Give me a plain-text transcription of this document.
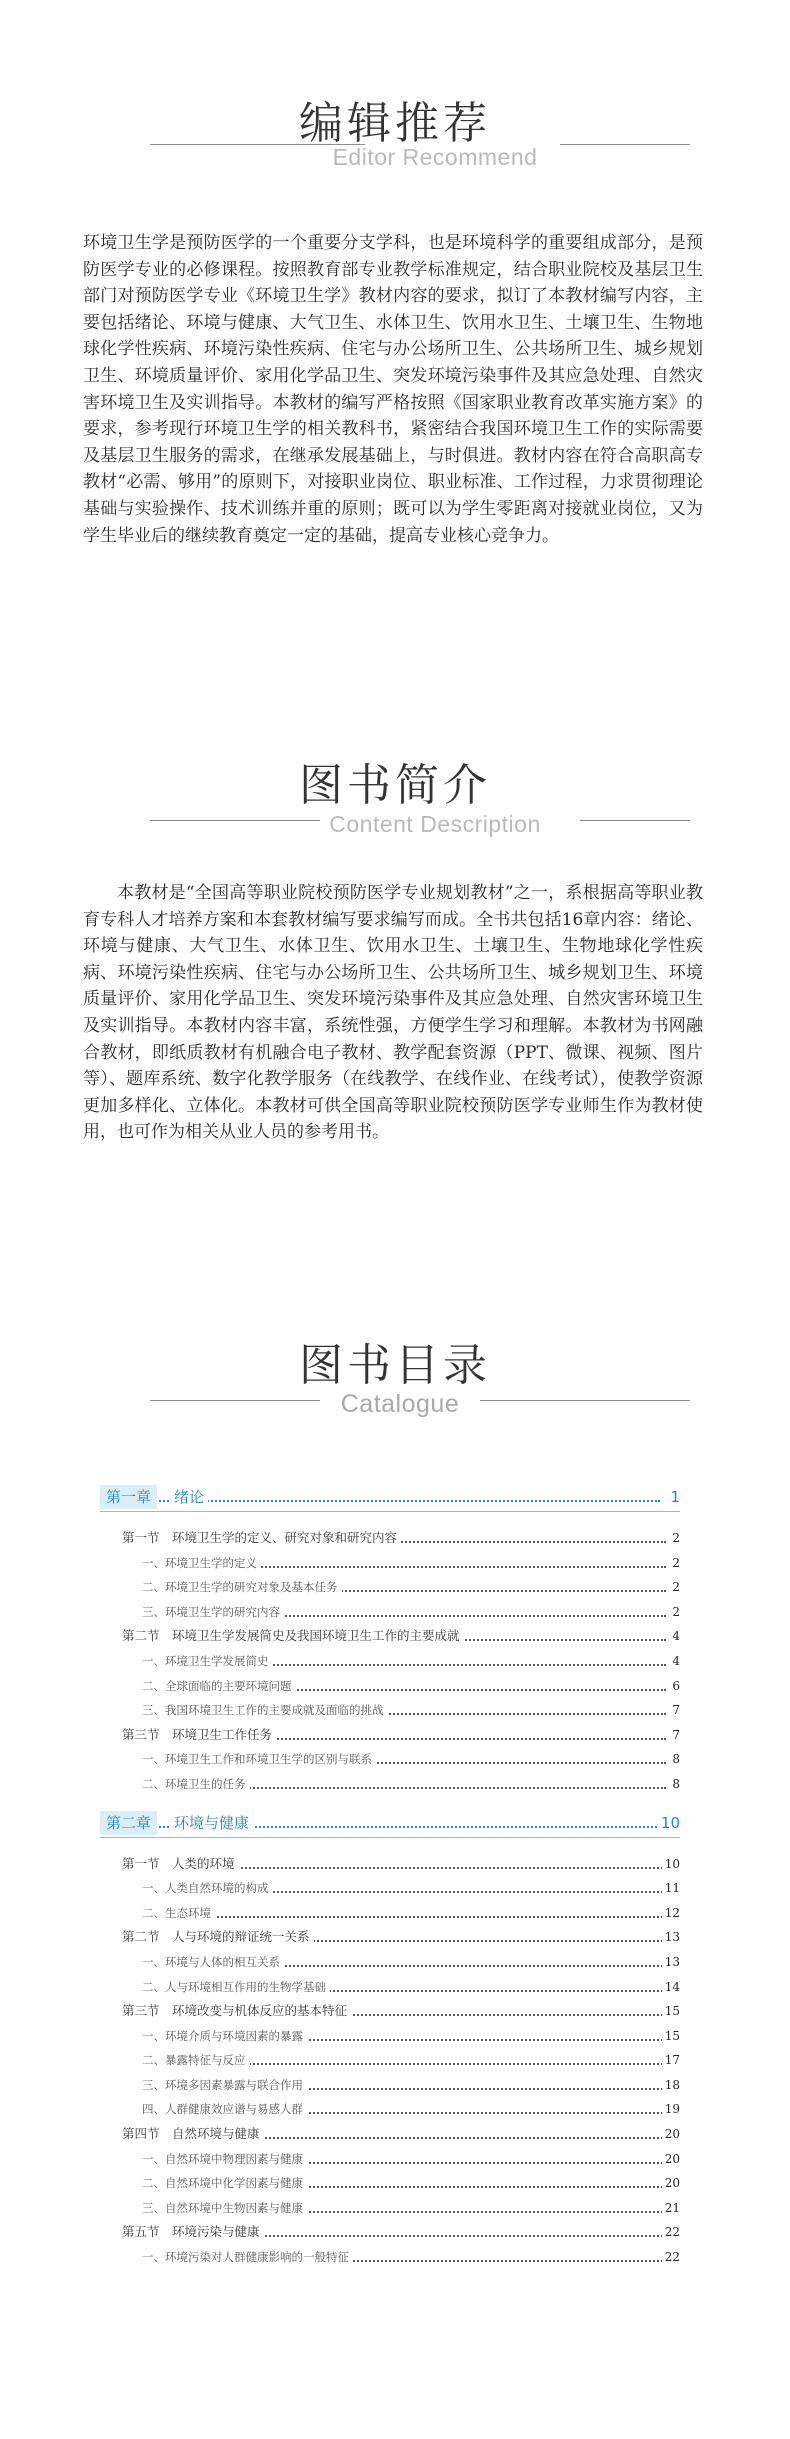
编辑推荐
Editor Recommend

环境卫生学是预防医学的一个重要分支学科，也是环境科学的重要组成部分，是预防医学专业的必修课程。按照教育部专业教学标准规定，结合职业院校及基层卫生部门对预防医学专业《环境卫生学》教材内容的要求，拟订了本教材编写内容，主要包括绪论、环境与健康、大气卫生、水体卫生、饮用水卫生、土壤卫生、生物地球化学性疾病、环境污染性疾病、住宅与办公场所卫生、公共场所卫生、城乡规划卫生、环境质量评价、家用化学品卫生、突发环境污染事件及其应急处理、自然灾害环境卫生及实训指导。本教材的编写严格按照《国家职业教育改革实施方案》的要求，参考现行环境卫生学的相关教科书，紧密结合我国环境卫生工作的实际需要及基层卫生服务的需求，在继承发展基础上，与时俱进。教材内容在符合高职高专教材“必需、够用”的原则下，对接职业岗位、职业标准、工作过程，力求贯彻理论基础与实验操作、技术训练并重的原则；既可以为学生零距离对接就业岗位，又为学生毕业后的继续教育奠定一定的基础，提高专业核心竞争力。

图书简介
Content Description

本教材是“全国高等职业院校预防医学专业规划教材”之一，系根据高等职业教育专科人才培养方案和本套教材编写要求编写而成。全书共包括16章内容：绪论、环境与健康、大气卫生、水体卫生、饮用水卫生、土壤卫生、生物地球化学性疾病、环境污染性疾病、住宅与办公场所卫生、公共场所卫生、城乡规划卫生、环境质量评价、家用化学品卫生、突发环境污染事件及其应急处理、自然灾害环境卫生及实训指导。本教材内容丰富，系统性强，方便学生学习和理解。本教材为书网融合教材，即纸质教材有机融合电子教材、教学配套资源（PPT、微课、视频、图片等）、题库系统、数字化教学服务（在线教学、在线作业、在线考试），使教学资源更加多样化、立体化。本教材可供全国高等职业院校预防医学专业师生作为教材使用，也可作为相关从业人员的参考用书。

图书目录
Catalogue
第一章	绪论	1
第一节　环境卫生学的定义、研究对象和研究内容	2
一、环境卫生学的定义	2
二、环境卫生学的研究对象及基本任务	2
三、环境卫生学的研究内容	2
第二节　环境卫生学发展简史及我国环境卫生工作的主要成就	4
一、环境卫生学发展简史	4
二、全球面临的主要环境问题	6
三、我国环境卫生工作的主要成就及面临的挑战	7
第三节　环境卫生工作任务	7
一、环境卫生工作和环境卫生学的区别与联系	8
二、环境卫生的任务	8
第二章	环境与健康	10
第一节　人类的环境	10
一、人类自然环境的构成	11
二、生态环境	12
第二节　人与环境的辩证统一关系	13
一、环境与人体的相互关系	13
二、人与环境相互作用的生物学基础	14
第三节　环境改变与机体反应的基本特征	15
一、环境介质与环境因素的暴露	15
二、暴露特征与反应	17
三、环境多因素暴露与联合作用	18
四、人群健康效应谱与易感人群	19
第四节　自然环境与健康	20
一、自然环境中物理因素与健康	20
二、自然环境中化学因素与健康	20
三、自然环境中生物因素与健康	21
第五节　环境污染与健康	22
一、环境污染对人群健康影响的一般特征	22
